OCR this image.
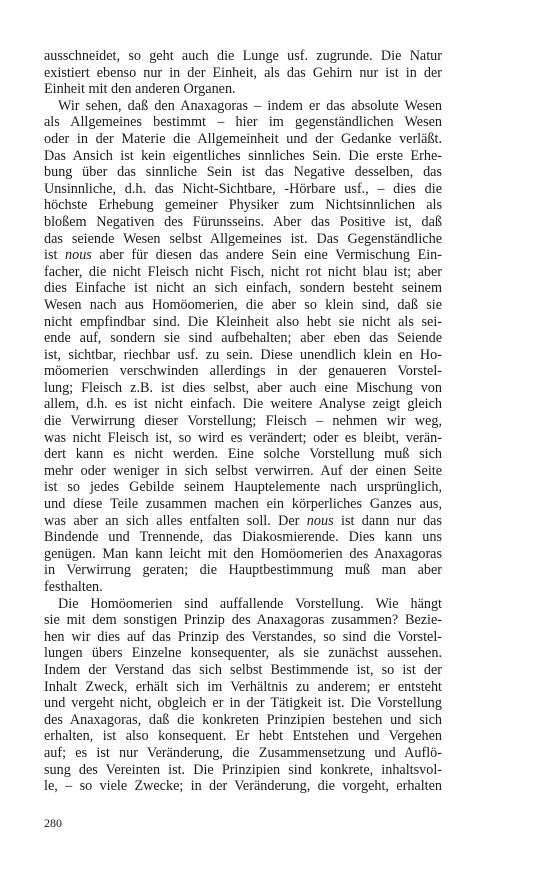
ausschneidet, so geht auch die Lunge usf. zugrunde. Die Natur
existiert ebenso nur in der Einheit, als das Gehirn nur ist in der
Einheit mit den anderen Organen.
Wir sehen, daß den Anaxagoras – indem er das absolute Wesen
als Allgemeines bestimmt – hier im gegenständlichen Wesen
oder in der Materie die Allgemeinheit und der Gedanke verläßt.
Das Ansich ist kein eigentliches sinnliches Sein. Die erste Erhe-
bung über das sinnliche Sein ist das Negative desselben, das
Unsinnliche, d.h. das Nicht-Sichtbare, -Hörbare usf., – dies die
höchste Erhebung gemeiner Physiker zum Nichtsinnlichen als
bloßem Negativen des Fürunsseins. Aber das Positive ist, daß
das seiende Wesen selbst Allgemeines ist. Das Gegenständliche
ist nous aber für diesen das andere Sein eine Vermischung Ein-
facher, die nicht Fleisch nicht Fisch, nicht rot nicht blau ist; aber
dies Einfache ist nicht an sich einfach, sondern besteht seinem
Wesen nach aus Homöomerien, die aber so klein sind, daß sie
nicht empfindbar sind. Die Kleinheit also hebt sie nicht als sei-
ende auf, sondern sie sind aufbehalten; aber eben das Seiende
ist, sichtbar, riechbar usf. zu sein. Diese unendlich klein en Ho-
möomerien verschwinden allerdings in der genaueren Vorstel-
lung; Fleisch z.B. ist dies selbst, aber auch eine Mischung von
allem, d.h. es ist nicht einfach. Die weitere Analyse zeigt gleich
die Verwirrung dieser Vorstellung; Fleisch – nehmen wir weg,
was nicht Fleisch ist, so wird es verändert; oder es bleibt, verän-
dert kann es nicht werden. Eine solche Vorstellung muß sich
mehr oder weniger in sich selbst verwirren. Auf der einen Seite
ist so jedes Gebilde seinem Hauptelemente nach ursprünglich,
und diese Teile zusammen machen ein körperliches Ganzes aus,
was aber an sich alles entfalten soll. Der nous ist dann nur das
Bindende und Trennende, das Diakosmierende. Dies kann uns
genügen. Man kann leicht mit den Homöomerien des Anaxagoras
in Verwirrung geraten; die Hauptbestimmung muß man aber
festhalten.
Die Homöomerien sind auffallende Vorstellung. Wie hängt
sie mit dem sonstigen Prinzip des Anaxagoras zusammen? Bezie-
hen wir dies auf das Prinzip des Verstandes, so sind die Vorstel-
lungen übers Einzelne konsequenter, als sie zunächst aussehen.
Indem der Verstand das sich selbst Bestimmende ist, so ist der
Inhalt Zweck, erhält sich im Verhältnis zu anderem; er entsteht
und vergeht nicht, obgleich er in der Tätigkeit ist. Die Vorstellung
des Anaxagoras, daß die konkreten Prinzipien bestehen und sich
erhalten, ist also konsequent. Er hebt Entstehen und Vergehen
auf; es ist nur Veränderung, die Zusammensetzung und Auflö-
sung des Vereinten ist. Die Prinzipien sind konkrete, inhaltsvol-
le, – so viele Zwecke; in der Veränderung, die vorgeht, erhalten
280
